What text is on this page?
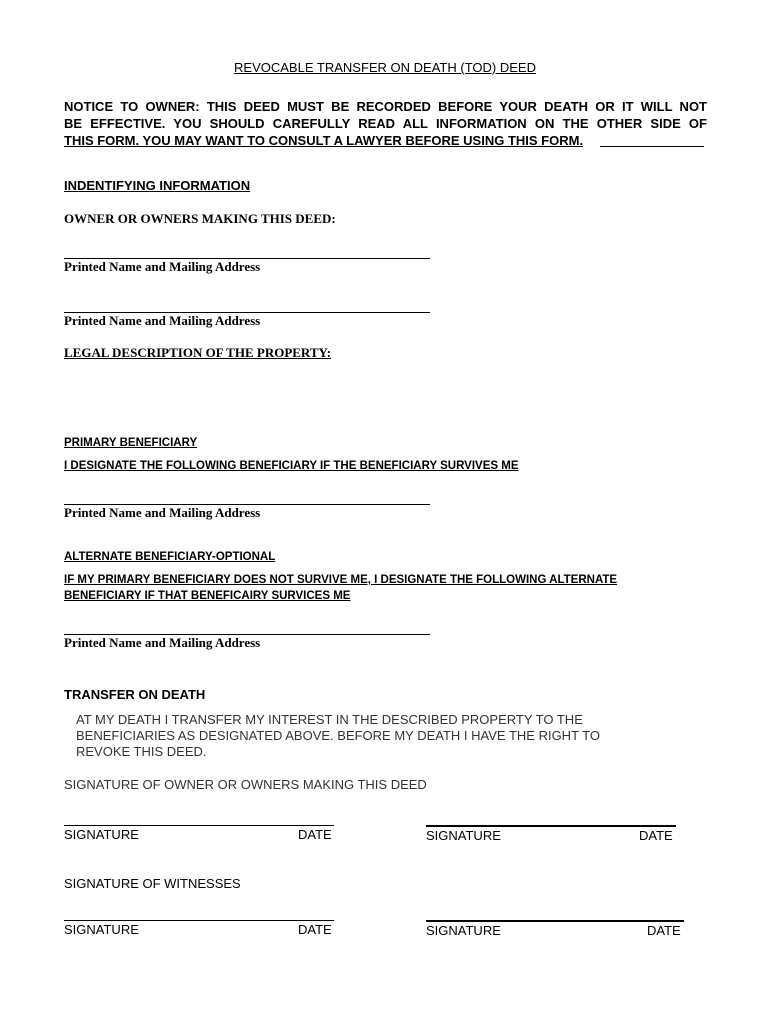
REVOCABLE TRANSFER ON DEATH (TOD) DEED
NOTICE TO OWNER: THIS DEED MUST BE RECORDED BEFORE YOUR DEATH OR IT WILL NOT
BE EFFECTIVE. YOU SHOULD CAREFULLY READ ALL INFORMATION ON THE OTHER SIDE OF
THIS FORM. YOU MAY WANT TO CONSULT A LAWYER BEFORE USING THIS FORM.
INDENTIFYING INFORMATION
OWNER OR OWNERS MAKING THIS DEED:
Printed Name and Mailing Address
Printed Name and Mailing Address
LEGAL DESCRIPTION OF THE PROPERTY:
PRIMARY BENEFICIARY
I DESIGNATE THE FOLLOWING BENEFICIARY IF THE BENEFICIARY SURVIVES ME
Printed Name and Mailing Address
ALTERNATE BENEFICIARY-OPTIONAL
IF MY PRIMARY BENEFICIARY DOES NOT SURVIVE ME, I DESIGNATE THE FOLLOWING ALTERNATE
BENEFICIARY IF THAT BENEFICAIRY SURVICES ME
Printed Name and Mailing Address
TRANSFER ON DEATH
AT MY DEATH I TRANSFER MY INTEREST IN THE DESCRIBED PROPERTY TO THE
BENEFICIARIES AS DESIGNATED ABOVE. BEFORE MY DEATH I HAVE THE RIGHT TO
REVOKE THIS DEED.
SIGNATURE OF OWNER OR OWNERS MAKING THIS DEED
SIGNATURE	DATE	SIGNATURE	DATE
SIGNATURE OF WITNESSES
SIGNATURE	DATE	SIGNATURE	DATE
